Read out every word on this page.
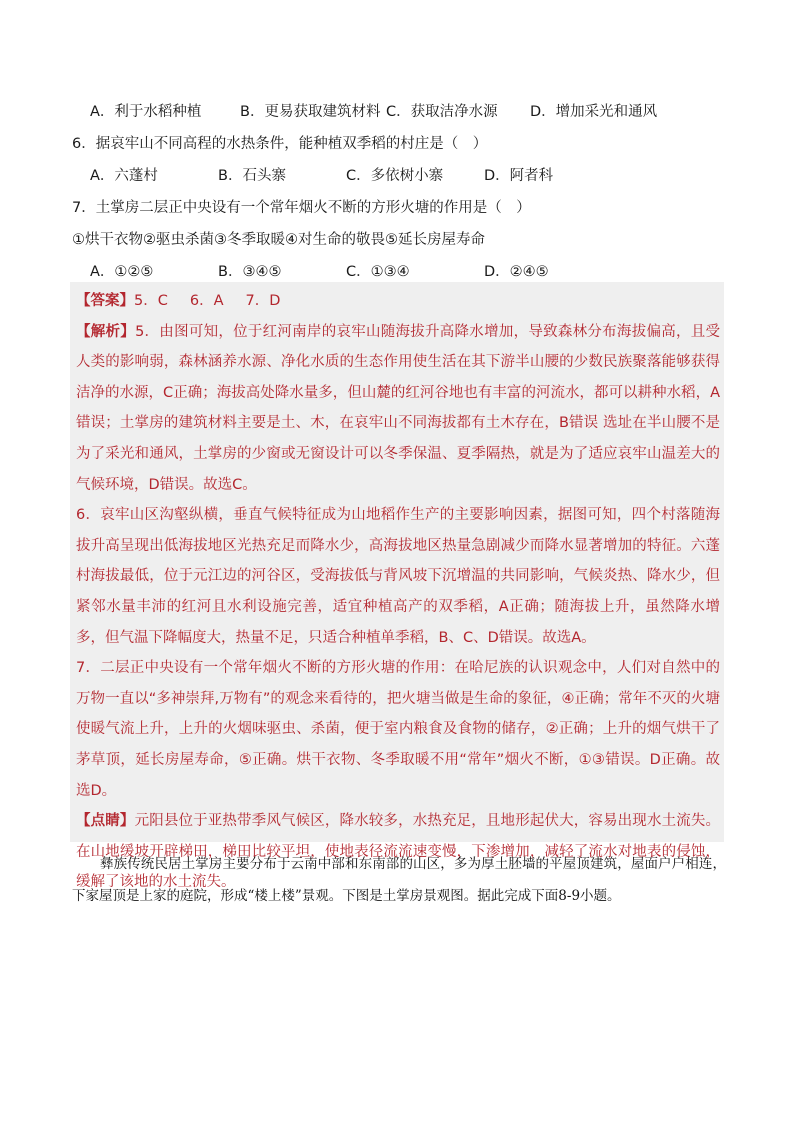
A．利于水稻种植	B．更易获取建筑材料 C．获取洁净水源 D．增加采光和通风
6．据哀牢山不同高程的水热条件，能种植双季稻的村庄是（　）
A．六蓬村	B．石头寨	C．多依树小寨	D．阿者科
7．土掌房二层正中央设有一个常年烟火不断的方形火塘的作用是（　）
①烘干衣物②驱虫杀菌③冬季取暖④对生命的敬畏⑤延长房屋寿命
A．①②⑤	B．③④⑤	C．①③④	D．②④⑤

【答案】5．C 6．A 7．D

【解析】5．由图可知，位于红河南岸的哀牢山随海拔升高降水增加，导致森林分布海拔偏高，且受人类的影响弱，森林涵养水源、净化水质的生态作用使生活在其下游半山腰的少数民族聚落能够获得洁净的水源，C正确；海拔高处降水量多，但山麓的红河谷地也有丰富的河流水，都可以耕种水稻，A错误；土掌房的建筑材料主要是土、木，在哀牢山不同海拔都有土木存在，B错误 选址在半山腰不是为了采光和通风，土掌房的少窗或无窗设计可以冬季保温、夏季隔热，就是为了适应哀牢山温差大的气候环境，D错误。故选C。

6．哀牢山区沟壑纵横，垂直气候特征成为山地稻作生产的主要影响因素，据图可知，四个村落随海拔升高呈现出低海拔地区光热充足而降水少，高海拔地区热量急剧减少而降水显著增加的特征。六蓬村海拔最低，位于元江边的河谷区，受海拔低与背风坡下沉增温的共同影响，气候炎热、降水少，但紧邻水量丰沛的红河且水利设施完善，适宜种植高产的双季稻，A正确；随海拔上升，虽然降水增多，但气温下降幅度大，热量不足，只适合种植单季稻，B、C、D错误。故选A。

7．二层正中央设有一个常年烟火不断的方形火塘的作用：在哈尼族的认识观念中，人们对自然中的万物一直以“多神崇拜,万物有”的观念来看待的，把火塘当做是生命的象征，④正确；常年不灭的火塘使暖气流上升，上升的火烟味驱虫、杀菌，便于室内粮食及食物的储存，②正确；上升的烟气烘干了茅草顶，延长房屋寿命，⑤正确。烘干衣物、冬季取暖不用“常年”烟火不断，①③错误。D正确。故选D。

【点睛】元阳县位于亚热带季风气候区，降水较多，水热充足，且地形起伏大，容易出现水土流失。在山地缓坡开辟梯田，梯田比较平坦，使地表径流流速变慢，下渗增加，减轻了流水对地表的侵蚀，缓解了该地的水土流失。

彝族传统民居土掌房主要分布于云南中部和东南部的山区，多为厚土胚墙的平屋顶建筑，屋面户户相连，下家屋顶是上家的庭院，形成“楼上楼”景观。下图是土掌房景观图。据此完成下面8-9小题。
